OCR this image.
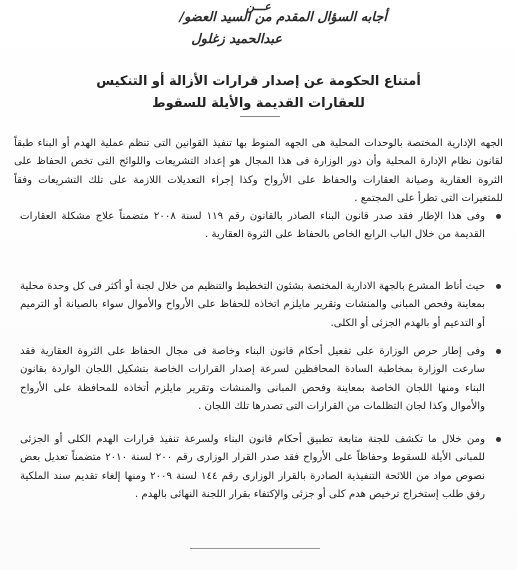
أجابه السؤال المقدم من السيد العضو/
عبدالحميد زغلول
عـــن
أمتناع الحكومة عن إصدار قرارات الأزالة أو التنكيس
للعقارات القديمة والأيلة للسقوط
الجهه الإدارية المختصة بالوحدات المحلية هى الجهه المنوط بها تنفيذ القوانين التى تنظم عملية الهدم أو البناء طبقاً لقانون نظام الإدارة المحلية وأن دور الوزارة فى هذا المجال هو إعداد التشريعات واللوائح التى تخص الحفاظ على الثروة العقارية وصيانة العقارات والحفاظ على الأرواح وكذا إجراء التعديلات اللازمة على تلك التشريعات وفقاً للمتغيرات التى تطرأ على المجتمع .
وفى هذا الإطار فقد صدر قانون البناء الصادر بالقانون رقم ١١٩ لسنة ٢٠٠٨ متضمناً علاج مشكلة العقارات القديمة من خلال الباب الرابع الخاص بالحفاظ على الثروة العقارية .
حيث أناط المشرع بالجهة الادارية المختصة بشئون التخطيط والتنظيم من خلال لجنة أو أكثر فى كل وحدة محلية بمعاينة وفحص المبانى والمنشات وتقرير مايلزم اتخاذه للحفاظ على الأرواح والأموال سواء بالصيانة أو الترميم أو التدعيم أو بالهدم الجزئى أو الكلى.
وفى إطار حرص الوزارة على تفعيل أحكام قانون البناء وخاصة فى مجال الحفاظ على الثروة العقارية فقد سارعت الوزارة بمخاطبة السادة المحافظين لسرعة إصدار القرارات الخاصة بتشكيل اللجان الواردة بقانون البناء ومنها اللجان الخاصة بمعاينة وفحص المبانى والمنشات وتقرير مايلزم أتخاذه للمحافظة على الأرواح والأموال وكذا لجان التظلمات من القرارات التى تصدرها تلك اللجان .
ومن خلال ما تكشف للجنة متابعة تطبيق أحكام قانون البناء ولسرعة تنفيذ قرارات الهدم الكلى أو الجزئى للمبانى الأيلة للسقوط وحفاظاً على الأرواح فقد صدر القرار الوزارى رقم ٢٠٠ لسنة ٢٠١٠ متضمناً تعديل بعض نصوص مواد من اللائحة التنفيذية الصادرة بالقرار الوزارى رقم ١٤٤ لسنة ٢٠٠٩ ومنها إلغاء تقديم سند الملكية رفق طلب إستخراج ترخيص هدم كلى أو جزئى والإكتفاء بقرار اللجنة النهائى بالهدم .
